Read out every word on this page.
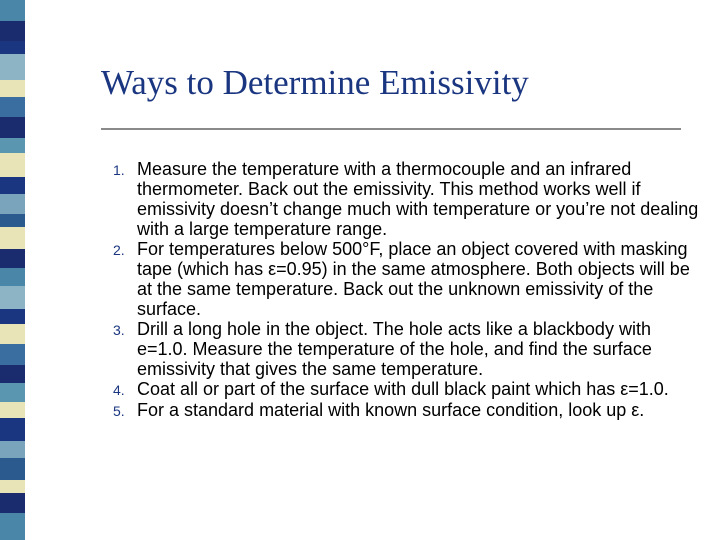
Ways to Determine Emissivity
1. Measure the temperature with a thermocouple and an infrared thermometer. Back out the emissivity. This method works well if emissivity doesn’t change much with temperature or you’re not dealing with a large temperature range.
2. For temperatures below 500°F, place an object covered with masking tape (which has ε=0.95) in the same atmosphere. Both objects will be at the same temperature. Back out the unknown emissivity of the surface.
3. Drill a long hole in the object. The hole acts like a blackbody with e=1.0. Measure the temperature of the hole, and find the surface emissivity that gives the same temperature.
4. Coat all or part of the surface with dull black paint which has ε=1.0.
5. For a standard material with known surface condition, look up ε.
